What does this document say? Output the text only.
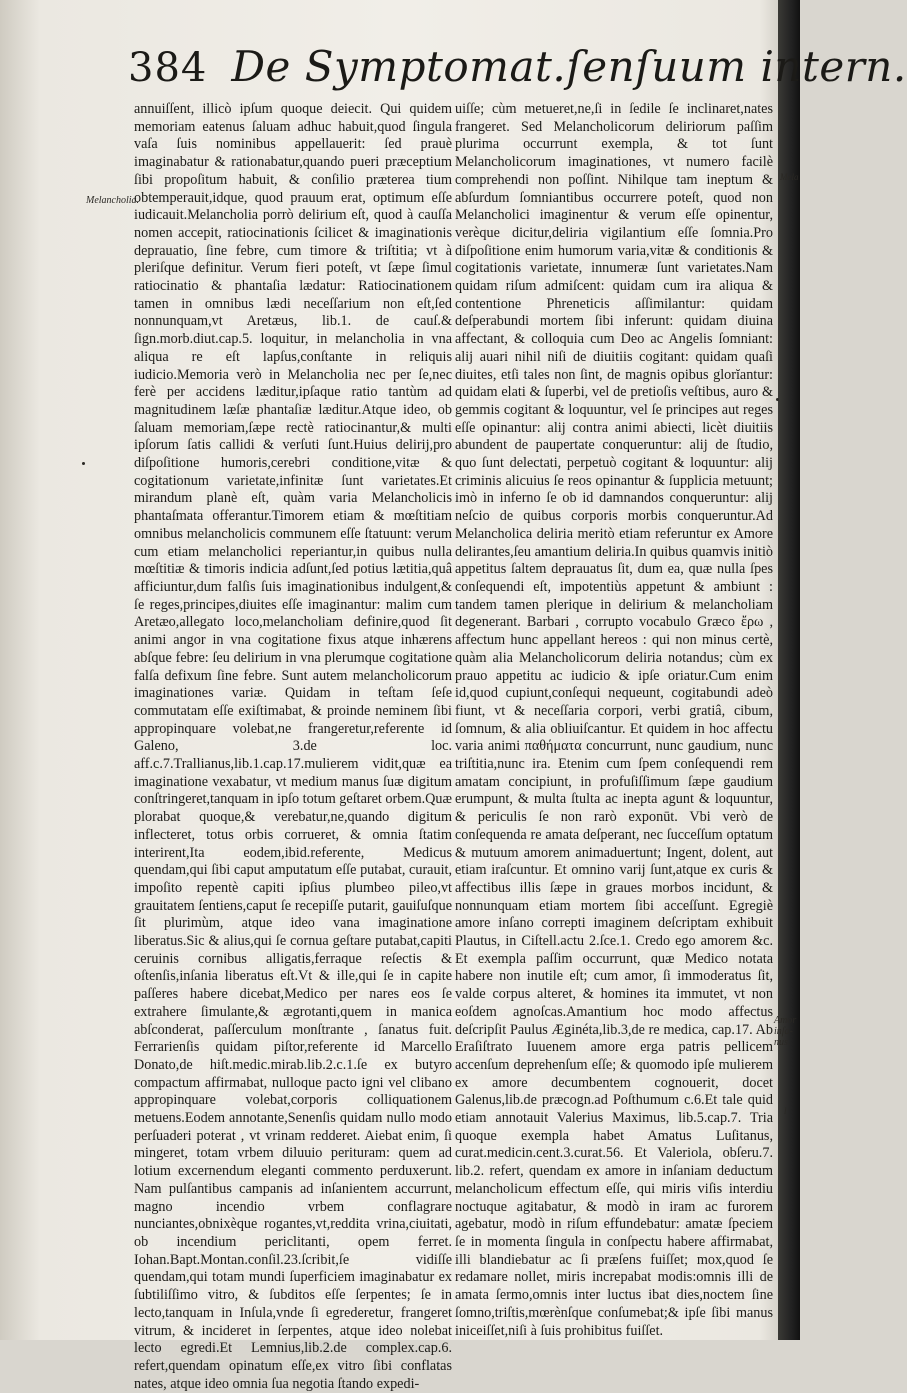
384 De Symptomat.ſenſuum intern.
Melancholia.
Amor inſa- nus.
Mela
l

annuiſſent, illicò ipſum quoque deiecit. Qui quidem memoriam eatenus ſaluam adhuc habuit,quod ſingula vaſa ſuis nominibus appellauerit: ſed prauè imaginabatur & rationabatur,quando pueri præceptium ſibi propoſitum habuit, & conſilio præterea tium obtemperauit,idque, quod prauum erat, optimum eſſe iudicauit.Melancholia porrò delirium eſt, quod à cauſſa nomen accepit, ratiocinationis ſcilicet & imaginationis deprauatio, ſine febre, cum timore & triſtitia; vt à pleriſque definitur. Verum fieri poteſt, vt ſæpe ſimul ratiocinatio & phantaſia lædatur: Ratiocinationem tamen in omnibus lædi neceſſarium non eſt,ſed nonnunquam,vt Aretæus, lib.1. de cauſ.& ſign.morb.diut.cap.5. loquitur, in melancholia in vna aliqua re eſt lapſus,conſtante in reliquis iudicio.Memoria verò in Melancholia nec per ſe,nec ferè per accidens læditur,ipſaque ratio tantùm ad magnitudinem læſæ phantaſiæ læditur.Atque ideo, ob ſaluam memoriam,ſæpe rectè ratiocinantur,& multi ipſorum ſatis callidi & verſuti ſunt.Huius delirij,pro diſpoſitione humoris,cerebri conditione,vitæ & cogitationum varietate,infinitæ ſunt varietates.Et mirandum planè eſt, quàm varia Melancholicis phantaſmata offerantur.Timorem etiam & mœſtitiam omnibus melancholicis communem eſſe ſtatuunt: verum cum etiam melancholici reperiantur,in quibus nulla mœſtitiæ & timoris indicia adſunt,ſed potius lætitia,quâ afficiuntur,dum falſis ſuis imaginationibus indulgent,& ſe reges,principes,diuites eſſe imaginantur: malim cum Aretæo,allegato loco,melancholiam definire,quod ſit animi angor in vna cogitatione fixus atque inhærens abſque febre: ſeu delirium in vna plerumque cogitatione falſa defixum ſine febre. Sunt autem melancholicorum imaginationes variæ. Quidam in teſtam ſeſe commutatam eſſe exiſtimabat, & proinde neminem ſibi appropinquare volebat,ne frangeretur,referente id Galeno, 3.de loc. aff.c.7.Trallianus,lib.1.cap.17.mulierem vidit,quæ ea imaginatione vexabatur, vt medium manus ſuæ digitum conſtringeret,tanquam in ipſo totum geſtaret orbem.Quæ plorabat quoque,& verebatur,ne,quando digitum inflecteret, totus orbis corrueret, & omnia ſtatim interirent,Ita eodem,ibid.referente, Medicus quendam,qui ſibi caput amputatum eſſe putabat, curauit, impoſito repentè capiti ipſius plumbeo pileo,vt grauitatem ſentiens,caput ſe recepiſſe putarit, gauiſuſque ſit plurimùm, atque ideo vana imaginatione liberatus.Sic & alius,qui ſe cornua geſtare putabat,capiti ceruinis cornibus alligatis,ferraque reſectis & oſtenſis,inſania liberatus eſt.Vt & ille,qui ſe in capite paſſeres habere dicebat,Medico per nares eos ſe extrahere ſimulante,& ægrotanti,quem in manica abſconderat, paſſerculum monſtrante , ſanatus fuit. Ferrarienſis quidam piſtor,referente id Marcello Donato,de hiſt.medic.mirab.lib.2.c.1.ſe ex butyro compactum affirmabat, nulloque pacto igni vel clibano appropinquare volebat,corporis colliquationem metuens.Eodem annotante,Senenſis quidam nullo modo perſuaderi poterat , vt vrinam redderet. Aiebat enim, ſi mingeret, totam vrbem diluuio perituram: quem ad lotium excernendum eleganti commento perduxerunt. Nam pulſantibus campanis ad inſanientem accurrunt, magno incendio vrbem conflagrare nunciantes,obnixèque rogantes,vt,reddita vrina,ciuitati, ob incendium periclitanti, opem ferret. Iohan.Bapt.Montan.conſil.23.ſcribit,ſe vidiſſe quendam,qui totam mundi ſuperficiem imaginabatur ex ſubtiliſſimo vitro, & ſubditos eſſe ſerpentes; ſe in lecto,tanquam in Inſula,vnde ſi egrederetur, frangeret vitrum, & incideret in ſerpentes, atque ideo nolebat lecto egredi.Et Lemnius,lib.2.de complex.cap.6. refert,quendam opinatum eſſe,ex vitro ſibi conflatas nates, atque ideo omnia ſua negotia ſtando expedi-

uiſſe; cùm metueret,ne,ſi in ſedile ſe inclinaret,nates frangeret. Sed Melancholicorum deliriorum paſſim plurima occurrunt exempla, & tot ſunt Melancholicorum imaginationes, vt numero facilè comprehendi non poſſint. Nihilque tam ineptum & abſurdum ſomniantibus occurrere poteſt, quod non Melancholici imaginentur & verum eſſe opinentur, verèque dicitur,deliria vigilantium eſſe ſomnia.Pro diſpoſitione enim humorum varia,vitæ & conditionis & cogitationis varietate, innumeræ ſunt varietates.Nam quidam riſum admiſcent: quidam cum ira aliqua & contentione Phreneticis aſſimilantur: quidam deſperabundi mortem ſibi inferunt: quidam diuina affectant, & colloquia cum Deo ac Angelis ſomniant: alij auari nihil niſi de diuitiis cogitant: quidam quaſi diuites, etſi tales non ſint, de magnis opibus glorĭantur: quidam elati & ſuperbi, vel de pretioſis veſtibus, auro & gemmis cogitant & loquuntur, vel ſe principes aut reges eſſe opinantur: alij contra animi abiecti, licèt diuitiis abundent de paupertate conqueruntur: alij de ſtudio, quo ſunt delectati, perpetuò cogitant & loquuntur: alij criminis alicuius ſe reos opinantur & ſupplicia metuunt; imò in inferno ſe ob id damnandos conqueruntur: alij neſcio de quibus corporis morbis conqueruntur.Ad Melancholica deliria meritò etiam referuntur ex Amore delirantes,ſeu amantium deliria.In quibus quamvis initiò appetitus ſaltem deprauatus ſit, dum ea, quæ nulla ſpes conſequendi eſt, impotentiùs appetunt & ambiunt : tandem tamen plerique in delirium & melancholiam degenerant. Barbari , corrupto vocabulo Græco ἔρω , affectum hunc appellant hereos : qui non minus certè, quàm alia Melancholicorum deliria notandus; cùm ex prauo appetitu ac iudicio & ipſe oriatur.Cum enim id,quod cupiunt,conſequi nequeunt, cogitabundi adeò fiunt, vt & neceſſaria corpori, verbi gratiâ, cibum, ſomnum, & alia obliuiſcantur. Et quidem in hoc affectu varia animi παθήματα concurrunt, nunc gaudium, nunc triſtitia,nunc ira. Etenim cum ſpem conſequendi rem amatam concipiunt, in profuſiſſimum ſæpe gaudium erumpunt, & multa ſtulta ac inepta agunt & loquuntur, & periculis ſe non rarò exponūt. Vbi verò de conſequenda re amata deſperant, nec ſucceſſum optatum & mutuum amorem animaduertunt; Ingent, dolent, aut etiam iraſcuntur. Et omnino varij ſunt,atque ex curis & affectibus illis ſæpe in graues morbos incidunt, & nonnunquam etiam mortem ſibi acceſſunt. Egregiè amore inſano correpti imaginem deſcriptam exhibuit Plautus, in Ciſtell.actu 2.ſce.1. Credo ego amorem &c. Et exempla paſſim occurrunt, quæ Medico notata habere non inutile eſt; cum amor, ſi immoderatus ſit, valde corpus alteret, & homines ita immutet, vt non eoſdem agnoſcas.Amantium hoc modo affectus deſcripſit Paulus Æginéta,lib.3,de re medica, cap.17. Ab Eraſiſtrato Iuuenem amore erga patris pellicem accenſum deprehenſum eſſe; & quomodo ipſe mulierem ex amore decumbentem cognouerit, docet Galenus,lib.de præcogn.ad Poſthumum c.6.Et tale quid etiam annotauit Valerius Maximus, lib.5.cap.7. Tria quoque exempla habet Amatus Luſitanus, curat.medicin.cent.3.curat.56. Et Valeriola, obſeru.7. lib.2. refert, quendam ex amore in inſaniam deductum melancholicum effectum eſſe, qui miris viſis interdiu noctuque agitabatur, & modò in iram ac furorem agebatur, modò in riſum effundebatur: amatæ ſpeciem ſe in momenta ſingula in conſpectu habere affirmabat, illi blandiebatur ac ſi præſens fuiſſet; mox,quod ſe redamare nollet, miris increpabat modis:omnis illi de amata ſermo,omnis inter luctus ibat dies,noctem ſine ſomno,triſtis,mœrènſque conſumebat;& ipſe ſibi manus iniceiſſet,niſi à ſuis prohibitus fuiſſet.
